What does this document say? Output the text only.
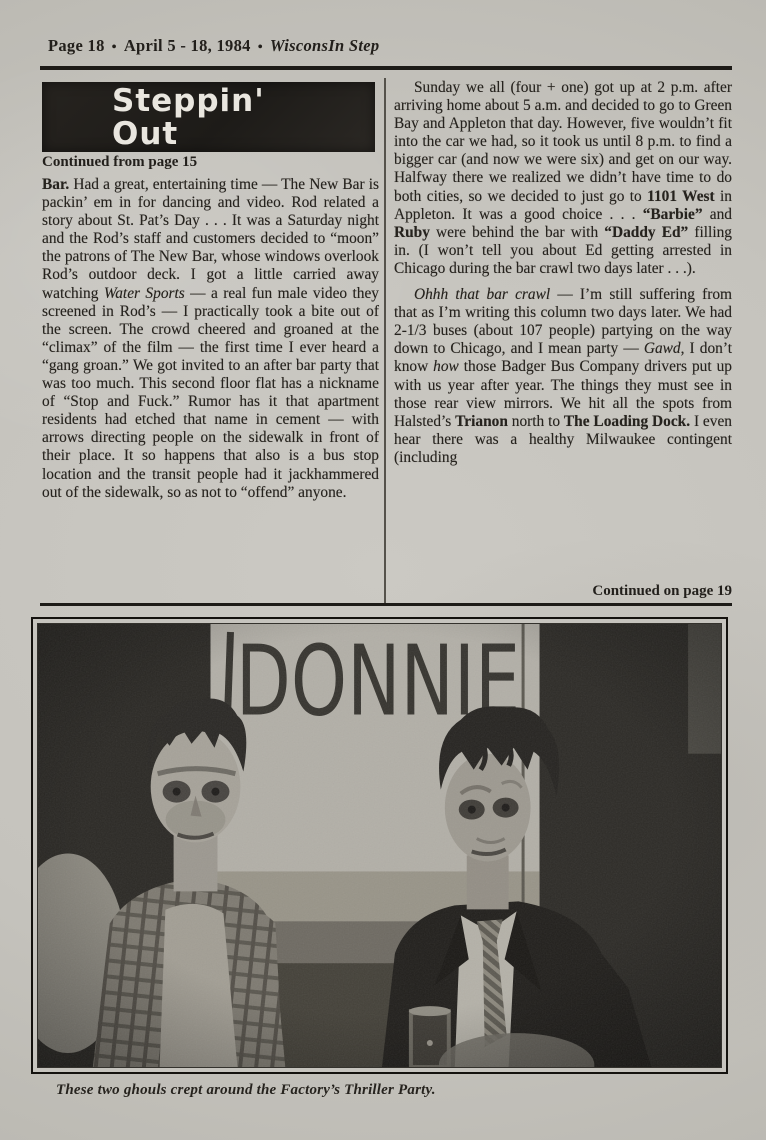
Page 18 • April 5 - 18, 1984 • WisconsIn Step
Steppin'
Out
Continued from page 15

Bar. Had a great, entertaining time — The New Bar is packin’ em in for dancing and video. Rod related a story about St. Pat’s Day . . . It was a Saturday night and the Rod’s staff and customers decided to “moon” the patrons of The New Bar, whose windows overlook Rod’s outdoor deck. I got a little carried away watching Water Sports — a real fun male video they screened in Rod’s — I practically took a bite out of the screen. The crowd cheered and groaned at the “climax” of the film — the first time I ever heard a “gang groan.” We got invited to an after bar party that was too much. This second floor flat has a nickname of “Stop and Fuck.” Rumor has it that apartment residents had etched that name in cement — with arrows directing people on the sidewalk in front of their place. It so happens that also is a bus stop location and the transit people had it jackhammered out of the sidewalk, so as not to “offend” anyone.

Sunday we all (four + one) got up at 2 p.m. after arriving home about 5 a.m. and decided to go to Green Bay and Appleton that day. However, five wouldn’t fit into the car we had, so it took us until 8 p.m. to find a bigger car (and now we were six) and get on our way. Halfway there we realized we didn’t have time to do both cities, so we decided to just go to 1101 West in Appleton. It was a good choice . . . “Barbie” and Ruby were behind the bar with “Daddy Ed” filling in. (I won’t tell you about Ed getting arrested in Chicago during the bar crawl two days later . . .).

Ohhh that bar crawl — I’m still suffering from that as I’m writing this column two days later. We had 2-1/3 buses (about 107 people) partying on the way down to Chicago, and I mean party — Gawd, I don’t know how those Badger Bus Company drivers put up with us year after year. The things they must see in those rear view mirrors. We hit all the spots from Halsted’s Trianon north to The Loading Dock. I even hear there was a healthy Milwaukee contingent (including

Continued on page 19
These two ghouls crept around the Factory’s Thriller Party.
